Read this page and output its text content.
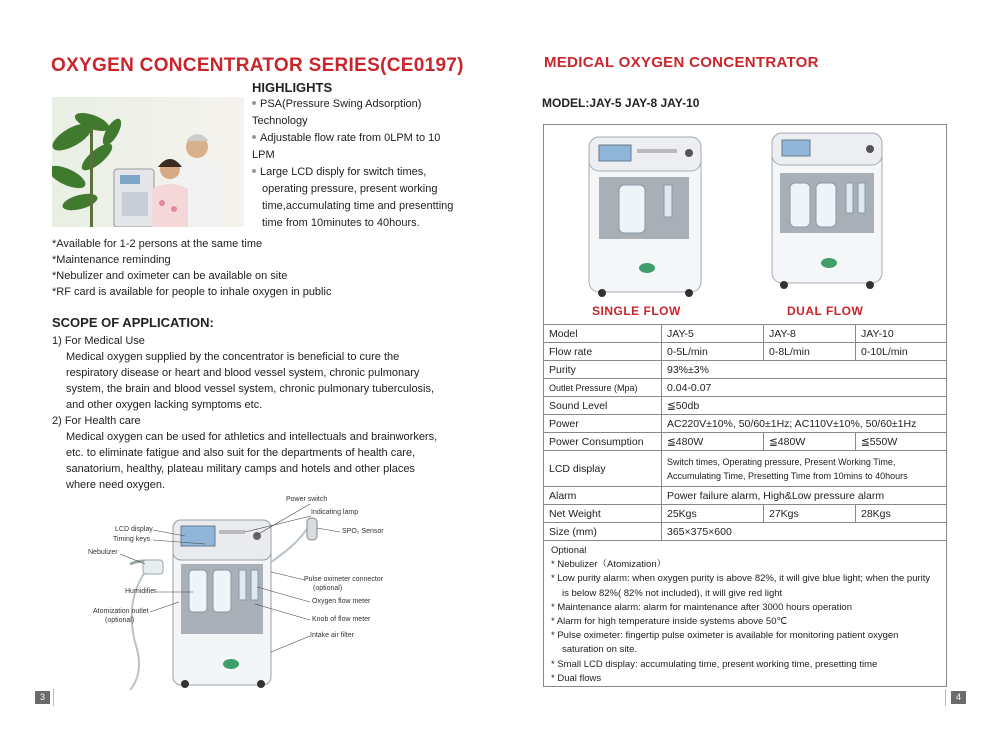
OXYGEN CONCENTRATOR SERIES(CE0197)
HIGHLIGHTS
PSA(Pressure Swing Adsorption)
Technology
Adjustable flow rate from 0LPM to 10
LPM
Large LCD disply for switch times,
operating pressure, present working
time,accumulating time and presentting
time from 10minutes to 40hours.
*Available for 1-2 persons at the same time
*Maintenance reminding
*Nebulizer and oximeter can be available on site
*RF card is available for people to inhale oxygen in public
SCOPE OF APPLICATION:
1) For Medical Use
Medical oxygen supplied by the concentrator is beneficial to cure the
respiratory disease or heart and blood vessel system, chronic pulmonary
system, the brain and blood vessel system, chronic pulmonary tuberculosis,
and other oxygen lacking symptoms etc.
2) For Health care
Medical oxygen can be used for athletics and intellectuals and brainworkers,
etc. to eliminate fatigue and also suit for the departments of health care,
sanatorium, healthy, plateau military camps and hotels and other places
where need oxygen.
Power switch
Indicating lamp
LCD display
Timing keys
SPO₂ Sensor
Nebulizer
Pulse oximeter connector
(optional)
Humidifier
Oxygen flow meter
Atomization outlet
(optional)	Knob of flow meter
Intake air filter
3
MEDICAL OXYGEN CONCENTRATOR
MODEL:JAY-5 JAY-8 JAY-10
SINGLE FLOW	DUAL FLOW
Model	JAY-5	JAY-8	JAY-10
Flow rate	0-5L/min	0-8L/min	0-10L/min
Purity	93%±3%		
Outlet Pressure (Mpa)	0.04-0.07		
Sound Level	≦50db		
Power	AC220V±10%, 50/60±1Hz; AC110V±10%, 50/60±1Hz		
Power Consumption	≦480W	≦480W	≦550W
LCD display	Switch times, Operating pressure, Present Working Time,
Accumulating Time, Presetting Time from 10mins to 40hours		

Alarm	Power failure alarm, High&Low pressure alarm		
Net Weight	25Kgs	27Kgs	28Kgs
Size (mm)	365×375×600		
Optional
* Nebulizer（Atomization）
* Low purity alarm: when oxygen purity is above 82%, it will give blue light; when the purity
is below 82%( 82% not included), it will give red light
* Maintenance alarm: alarm for maintenance after 3000 hours operation
* Alarm for high temperature inside systems above 50℃
* Pulse oximeter: fingertip pulse oximeter is available for monitoring patient oxygen
saturation on site.
* Small LCD display: accumulating time, present working time, presetting time
* Dual flows
4
